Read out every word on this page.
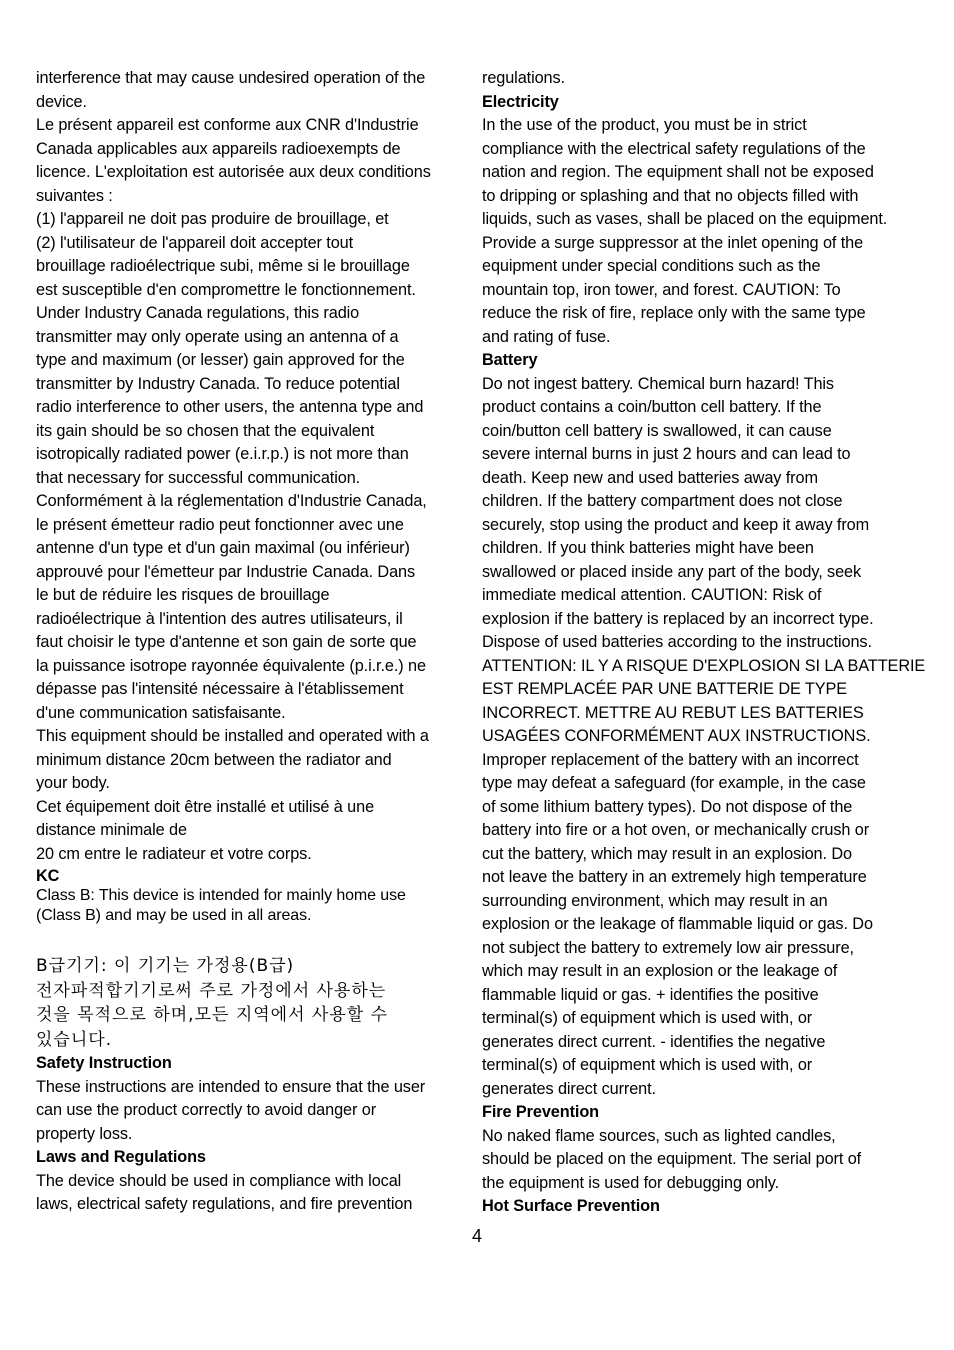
interference that may cause undesired operation of the

device.

Le présent appareil est conforme aux CNR d'Industrie

Canada applicables aux appareils radioexempts de

licence. L'exploitation est autorisée aux deux conditions

suivantes :

(1) l'appareil ne doit pas produire de brouillage, et

(2) l'utilisateur de l'appareil doit accepter tout

brouillage radioélectrique subi, même si le brouillage

est susceptible d'en compromettre le fonctionnement.

Under Industry Canada regulations, this radio

transmitter may only operate using an antenna of a

type and maximum (or lesser) gain approved for the

transmitter by Industry Canada. To reduce potential

radio interference to other users, the antenna type and

its gain should be so chosen that the equivalent

isotropically radiated power (e.i.r.p.) is not more than

that necessary for successful communication.

Conformément à la réglementation d'Industrie Canada,

le présent émetteur radio peut fonctionner avec une

antenne d'un type et d'un gain maximal (ou inférieur)

approuvé pour l'émetteur par Industrie Canada. Dans

le but de réduire les risques de brouillage

radioélectrique à l'intention des autres utilisateurs, il

faut choisir le type d'antenne et son gain de sorte que

la puissance isotrope rayonnée équivalente (p.i.r.e.) ne

dépasse pas l'intensité nécessaire à l'établissement

d'une communication satisfaisante.

This equipment should be installed and operated with a

minimum distance 20cm between the radiator and

your body.

Cet équipement doit être installé et utilisé à une

distance minimale de

20 cm entre le radiateur et votre corps.

KC

Class B: This device is intended for mainly home use

(Class B) and may be used in all areas.

B급기기: 이 기기는 가정용(B급)

전자파적합기기로써 주로 가정에서 사용하는

것을 목적으로 하며,모든 지역에서 사용할 수

있습니다.

Safety Instruction

These instructions are intended to ensure that the user

can use the product correctly to avoid danger or

property loss.

Laws and Regulations

The device should be used in compliance with local

laws, electrical safety regulations, and fire prevention

regulations.

Electricity

In the use of the product, you must be in strict

compliance with the electrical safety regulations of the

nation and region. The equipment shall not be exposed

to dripping or splashing and that no objects filled with

liquids, such as vases, shall be placed on the equipment.

Provide a surge suppressor at the inlet opening of the

equipment under special conditions such as the

mountain top, iron tower, and forest. CAUTION: To

reduce the risk of fire, replace only with the same type

and rating of fuse.

Battery

Do not ingest battery. Chemical burn hazard! This

product contains a coin/button cell battery. If the

coin/button cell battery is swallowed, it can cause

severe internal burns in just 2 hours and can lead to

death. Keep new and used batteries away from

children. If the battery compartment does not close

securely, stop using the product and keep it away from

children. If you think batteries might have been

swallowed or placed inside any part of the body, seek

immediate medical attention. CAUTION: Risk of

explosion if the battery is replaced by an incorrect type.

Dispose of used batteries according to the instructions.

ATTENTION: IL Y A RISQUE D'EXPLOSION SI LA BATTERIE

EST REMPLACÉE PAR UNE BATTERIE DE TYPE

INCORRECT. METTRE AU REBUT LES BATTERIES

USAGÉES CONFORMÉMENT AUX INSTRUCTIONS.

Improper replacement of the battery with an incorrect

type may defeat a safeguard (for example, in the case

of some lithium battery types). Do not dispose of the

battery into fire or a hot oven, or mechanically crush or

cut the battery, which may result in an explosion. Do

not leave the battery in an extremely high temperature

surrounding environment, which may result in an

explosion or the leakage of flammable liquid or gas. Do

not subject the battery to extremely low air pressure,

which may result in an explosion or the leakage of

flammable liquid or gas. + identifies the positive

terminal(s) of equipment which is used with, or

generates direct current. - identifies the negative

terminal(s) of equipment which is used with, or

generates direct current.

Fire Prevention

No naked flame sources, such as lighted candles,

should be placed on the equipment. The serial port of

the equipment is used for debugging only.

Hot Surface Prevention
4
